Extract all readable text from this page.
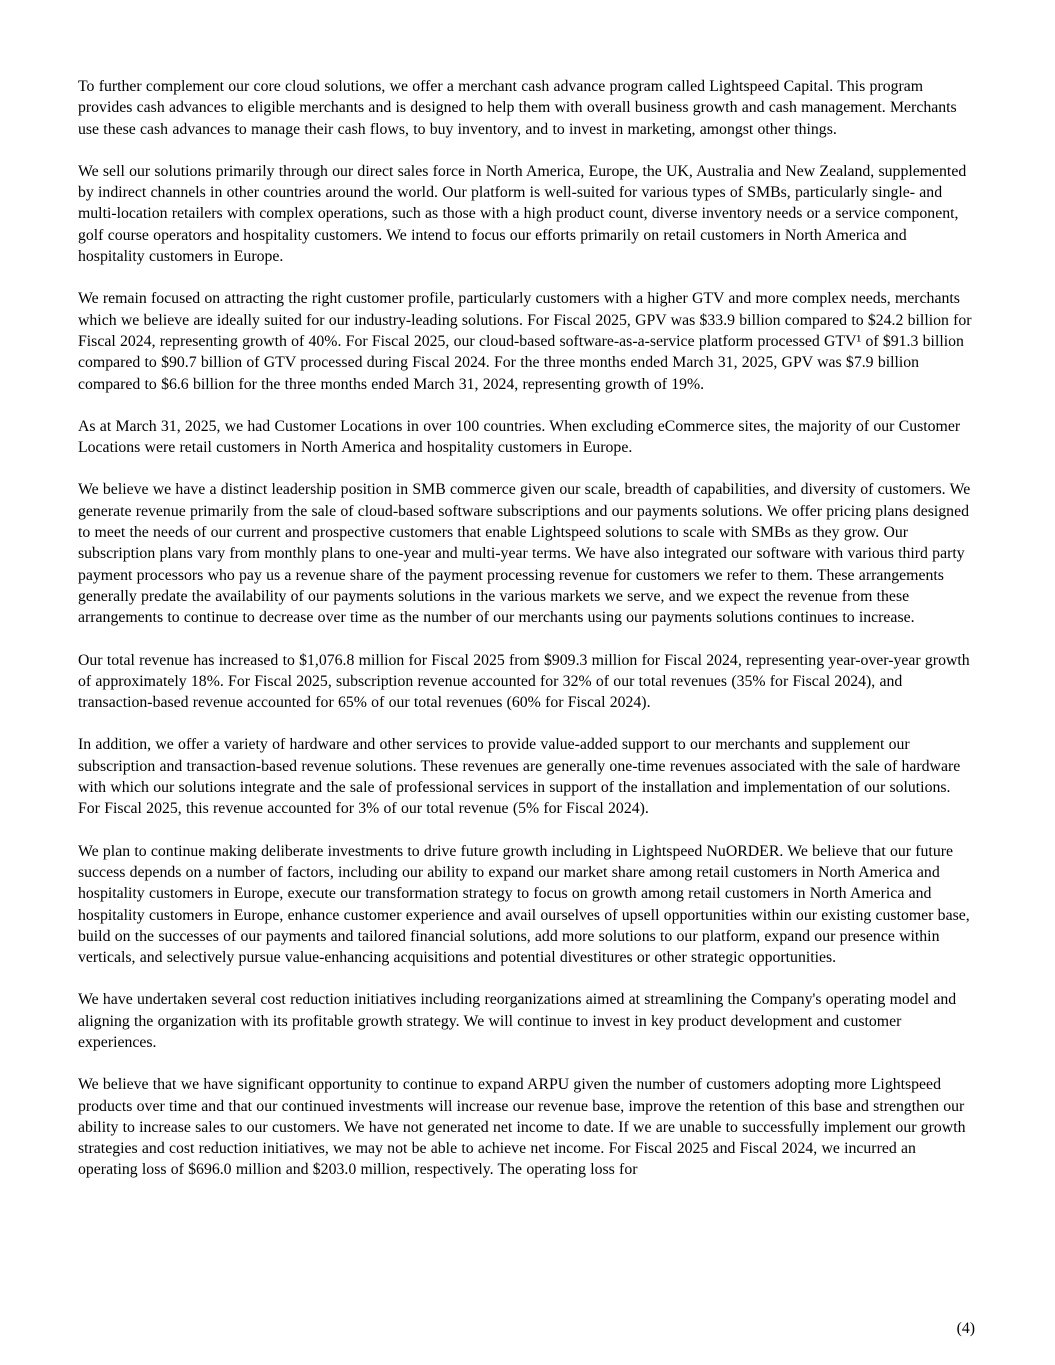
To further complement our core cloud solutions, we offer a merchant cash advance program called Lightspeed Capital. This program provides cash advances to eligible merchants and is designed to help them with overall business growth and cash management. Merchants use these cash advances to manage their cash flows, to buy inventory, and to invest in marketing, amongst other things.

We sell our solutions primarily through our direct sales force in North America, Europe, the UK, Australia and New Zealand, supplemented by indirect channels in other countries around the world. Our platform is well-suited for various types of SMBs, particularly single- and multi-location retailers with complex operations, such as those with a high product count, diverse inventory needs or a service component, golf course operators and hospitality customers. We intend to focus our efforts primarily on retail customers in North America and hospitality customers in Europe.

We remain focused on attracting the right customer profile, particularly customers with a higher GTV and more complex needs, merchants which we believe are ideally suited for our industry-leading solutions. For Fiscal 2025, GPV was $33.9 billion compared to $24.2 billion for Fiscal 2024, representing growth of 40%. For Fiscal 2025, our cloud-based software-as-a-service platform processed GTV¹ of $91.3 billion compared to $90.7 billion of GTV processed during Fiscal 2024. For the three months ended March 31, 2025, GPV was $7.9 billion compared to $6.6 billion for the three months ended March 31, 2024, representing growth of 19%.

As at March 31, 2025, we had Customer Locations in over 100 countries. When excluding eCommerce sites, the majority of our Customer Locations were retail customers in North America and hospitality customers in Europe.

We believe we have a distinct leadership position in SMB commerce given our scale, breadth of capabilities, and diversity of customers. We generate revenue primarily from the sale of cloud-based software subscriptions and our payments solutions. We offer pricing plans designed to meet the needs of our current and prospective customers that enable Lightspeed solutions to scale with SMBs as they grow. Our subscription plans vary from monthly plans to one-year and multi-year terms. We have also integrated our software with various third party payment processors who pay us a revenue share of the payment processing revenue for customers we refer to them. These arrangements generally predate the availability of our payments solutions in the various markets we serve, and we expect the revenue from these arrangements to continue to decrease over time as the number of our merchants using our payments solutions continues to increase.

Our total revenue has increased to $1,076.8 million for Fiscal 2025 from $909.3 million for Fiscal 2024, representing year-over-year growth of approximately 18%. For Fiscal 2025, subscription revenue accounted for 32% of our total revenues (35% for Fiscal 2024), and transaction-based revenue accounted for 65% of our total revenues (60% for Fiscal 2024).

In addition, we offer a variety of hardware and other services to provide value-added support to our merchants and supplement our subscription and transaction-based revenue solutions. These revenues are generally one-time revenues associated with the sale of hardware with which our solutions integrate and the sale of professional services in support of the installation and implementation of our solutions. For Fiscal 2025, this revenue accounted for 3% of our total revenue (5% for Fiscal 2024).

We plan to continue making deliberate investments to drive future growth including in Lightspeed NuORDER. We believe that our future success depends on a number of factors, including our ability to expand our market share among retail customers in North America and hospitality customers in Europe, execute our transformation strategy to focus on growth among retail customers in North America and hospitality customers in Europe, enhance customer experience and avail ourselves of upsell opportunities within our existing customer base, build on the successes of our payments and tailored financial solutions, add more solutions to our platform, expand our presence within verticals, and selectively pursue value-enhancing acquisitions and potential divestitures or other strategic opportunities.

We have undertaken several cost reduction initiatives including reorganizations aimed at streamlining the Company's operating model and aligning the organization with its profitable growth strategy. We will continue to invest in key product development and customer experiences.

We believe that we have significant opportunity to continue to expand ARPU given the number of customers adopting more Lightspeed products over time and that our continued investments will increase our revenue base, improve the retention of this base and strengthen our ability to increase sales to our customers. We have not generated net income to date. If we are unable to successfully implement our growth strategies and cost reduction initiatives, we may not be able to achieve net income. For Fiscal 2025 and Fiscal 2024, we incurred an operating loss of $696.0 million and $203.0 million, respectively. The operating loss for

(4)
